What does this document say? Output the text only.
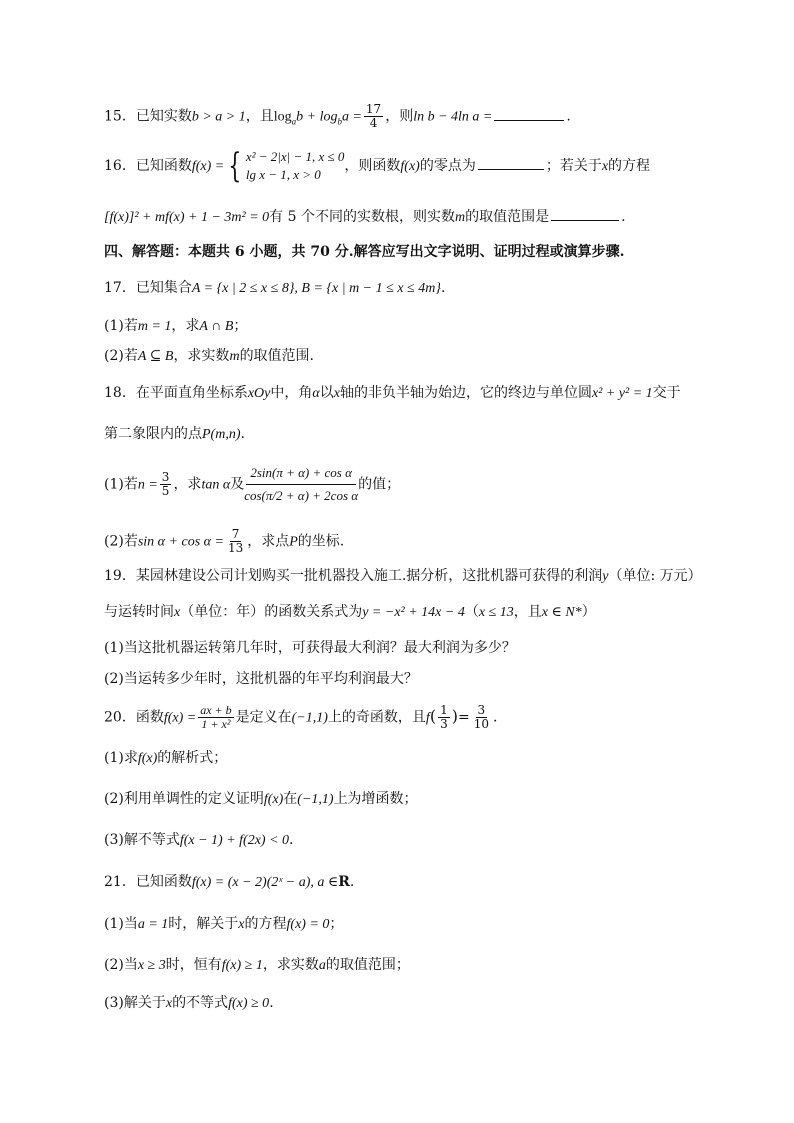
15．已知实数b > a > 1，且$\log_ab + \log_ba = \frac{17}{4}$ ，则ln b − 4ln a =	.
16．已知函数f(x) = { x² − 2|x| − 1, x ≤ 0
lg x − 1, x > 0
，则函数f(x)的零点为	；若关于x的方程
[f(x)]² + mf(x) + 1 − 3m² = 0有 5 个不同的实数根，则实数m的取值范围是	.
四、解答题：本题共 6 小题，共 70 分.解答应写出文字说明、证明过程或演算步骤.
17．已知集合A = {x | 2 ≤ x ≤ 8}, B = {x | m − 1 ≤ x ≤ 4m}.
(1)若m = 1，求A ∩ B；
(2)若A ⊆ B，求实数m的取值范围.
18．在平面直角坐标系xOy中，角α以x轴的非负半轴为始边，它的终边与单位圆x² + y² = 1交于
第二象限内的点P(m,n).
(1)若$n = \frac{3}{5}$ ，求tan α及 $\frac{\text{2sin(π + α) + cos α}}{\text{cos(π/2 + α) + 2cos α}}$ 的值；
(2)若$\sin \alpha + \cos \alpha = \frac{7}{13}$ ，求点P的坐标.
19．某园林建设公司计划购买一批机器投入施工.据分析，这批机器可获得的利润y（单位: 万元）
与运转时间x（单位：年）的函数关系式为y = −x² + 14x − 4（x ≤ 13，且x ∈ N*）
(1)当这批机器运转第几年时，可获得最大利润？最大利润为多少？
(2)当运转多少年时，这批机器的年平均利润最大？
20．函数$f(x) = \frac{ax + b}{\text{1 + x²}}$ 是定义在(−1,1)上的奇函数，且$f( \frac{1}{3}$ )= $\frac{3}{10}$ .
(1)求f(x)的解析式；
(2)利用单调性的定义证明f(x)在(−1,1)上为增函数；
(3)解不等式f(x − 1) + f(2x) < 0.
21．已知函数f(x) = (x − 2)(2ˣ − a), a ∈R.
(1)当a = 1时，解关于x的方程f(x) = 0；
(2)当x ≥ 3时，恒有f(x) ≥ 1，求实数a的取值范围；
(3)解关于x的不等式f(x) ≥ 0.
